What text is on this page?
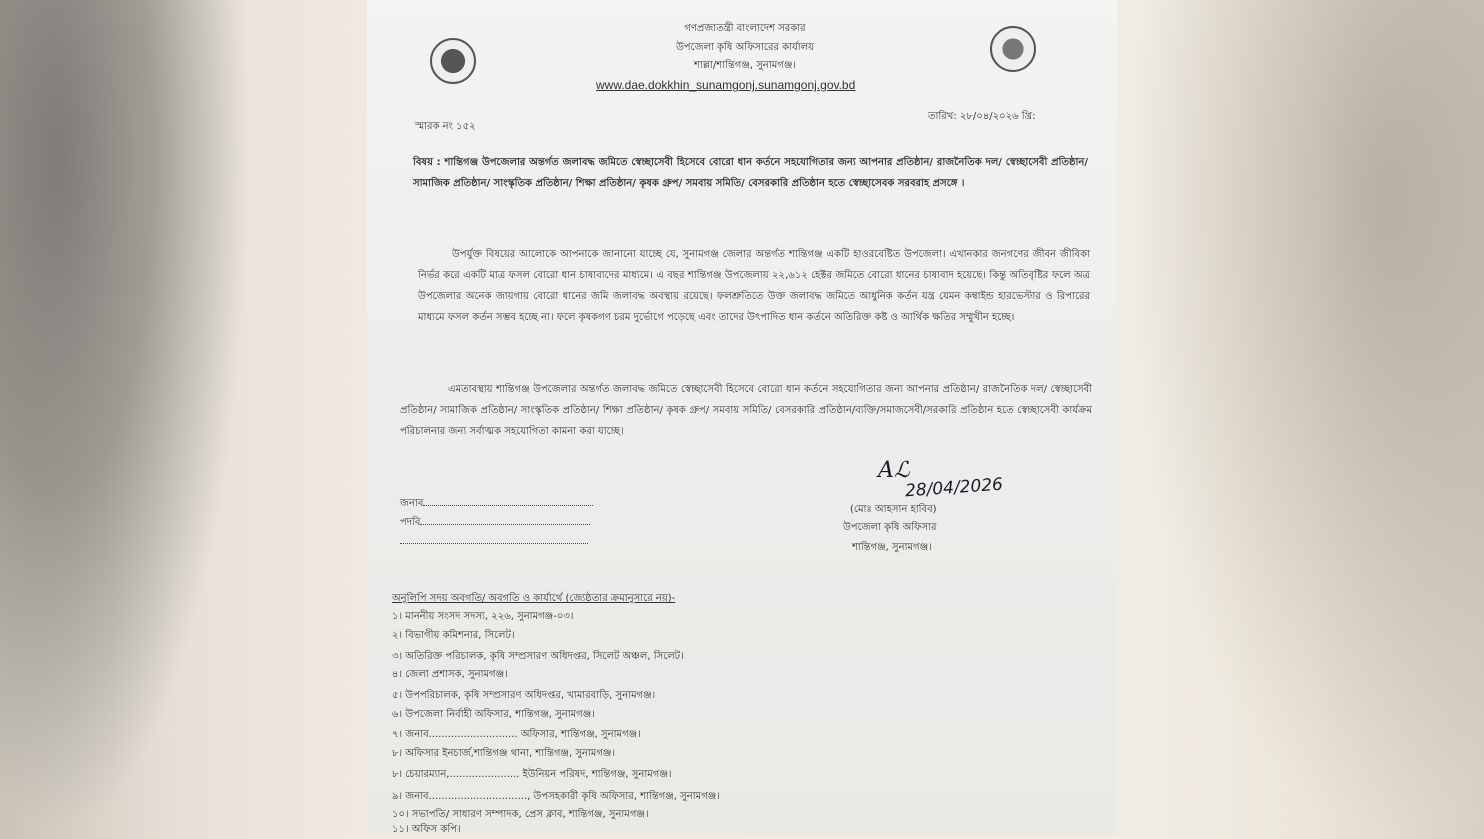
গণপ্রজাতন্ত্রী বাংলাদেশ সরকার
উপজেলা কৃষি অফিসারের কার্যালয়
শাল্লা/শান্তিগঞ্জ, সুনামগঞ্জ।
www.dae.dokkhin_sunamgonj.sunamgonj.gov.bd
স্মারক নং ১৫২
তারিখ: ২৮/০৪/২০২৬ খ্রি:
বিষয় : শান্তিগঞ্জ উপজেলার অন্তর্গত জলাবদ্ধ জমিতে স্বেচ্ছাসেবী হিসেবে বোরো ধান কর্তনে সহযোগিতার জন্য আপনার প্রতিষ্ঠান/ রাজনৈতিক দল/ স্বেচ্ছাসেবী প্রতিষ্ঠান/ সামাজিক প্রতিষ্ঠান/ সাংস্কৃতিক প্রতিষ্ঠান/ শিক্ষা প্রতিষ্ঠান/ কৃষক গ্রুপ/ সমবায় সমিতি/ বেসরকারি প্রতিষ্ঠান হতে স্বেচ্ছাসেবক সরবরাহ প্রসঙ্গে ।
উপর্যুক্ত বিষয়ের আলোকে আপনাকে জানানো যাচ্ছে যে, সুনামগঞ্জ জেলার অন্তর্গত শান্তিগঞ্জ একটি হাওরবেষ্টিত উপজেলা। এখানকার জনগণের জীবন জীবিকা নির্ভর করে একটি মাত্র ফসল বোরো ধান চাষাবাদের মাধ্যমে। এ বছর শান্তিগঞ্জ উপজেলায় ২২,৬১২ হেক্টর জমিতে বোরো ধানের চাষাবাদ হয়েছে। কিন্তু অতিবৃষ্টির ফলে অত্র উপজেলার অনেক জায়গায় বোরো ধানের জমি জলাবদ্ধ অবস্থায় রয়েছে। ফলশ্রুতিতে উক্ত জলাবদ্ধ জমিতে আধুনিক কর্তন যন্ত্র যেমন কম্বাইন্ড হারভেস্টার ও রিপারের মাধ্যমে ফসল কর্তন সম্ভব হচ্ছে না। ফলে কৃষকগণ চরম দুর্ভোগে পড়েছে এবং তাদের উৎপাদিত ধান কর্তনে অতিরিক্ত কষ্ট ও আর্থিক ক্ষতির সম্মুখীন হচ্ছে।
এমতাবস্থায় শান্তিগঞ্জ উপজেলার অন্তর্গত জলাবদ্ধ জমিতে স্বেচ্ছাসেবী হিসেবে বোরো ধান কর্তনে সহযোগিতার জন্য আপনার প্রতিষ্ঠান/ রাজনৈতিক দল/ স্বেচ্ছাসেবী প্রতিষ্ঠান/ সামাজিক প্রতিষ্ঠান/ সাংস্কৃতিক প্রতিষ্ঠান/ শিক্ষা প্রতিষ্ঠান/ কৃষক গ্রুপ/ সমবায় সমিতি/ বেসরকারি প্রতিষ্ঠান/ব্যক্তি/সমাজসেবী/সরকারি প্রতিষ্ঠান হতে স্বেচ্ছাসেবী কার্যক্রম পরিচালনার জন্য সর্বাত্মক সহযোগিতা কামনা করা যাচ্ছে।
জনাব
পদবি
Aℒ
28/04/2026
(মোঃ আহসান হাবিব)
উপজেলা কৃষি অফিসার
শান্তিগঞ্জ, সুনামগঞ্জ।
অনুলিপি সদয় অবগতি/ অবগতি ও কার্যার্থে (জ্যেষ্ঠতার ক্রমানুসারে নয়)-
১। মাননীয় সংসদ সদস্য, ২২৬, সুনামগঞ্জ-০৩।
২। বিভাগীয় কমিশনার, সিলেট।
৩। অতিরিক্ত পরিচালক, কৃষি সম্প্রসারণ অধিদপ্তর, সিলেট অঞ্চল, সিলেট।
৪। জেলা প্রশাসক, সুনামগঞ্জ।
৫। উপপরিচালক, কৃষি সম্প্রসারণ অধিদপ্তর, খামারবাড়ি, সুনামগঞ্জ।
৬। উপজেলা নির্বাহী অফিসার, শান্তিগঞ্জ, সুনামগঞ্জ।
৭। জনাব............................ অফিসার, শান্তিগঞ্জ, সুনামগঞ্জ।
৮। অফিসার ইনচার্জ,শান্তিগঞ্জ থানা, শান্তিগঞ্জ, সুনামগঞ্জ।
৮। চেয়ারম্যান,...................... ইউনিয়ন পরিষদ, শান্তিগঞ্জ, সুনামগঞ্জ।
৯। জনাব..............................., উপসহকারী কৃষি অফিসার, শান্তিগঞ্জ, সুনামগঞ্জ।
১০। সভাপতি/ সাধারণ সম্পাদক, প্রেস ক্লাব, শান্তিগঞ্জ, সুনামগঞ্জ।
১১। অফিস কপি।
